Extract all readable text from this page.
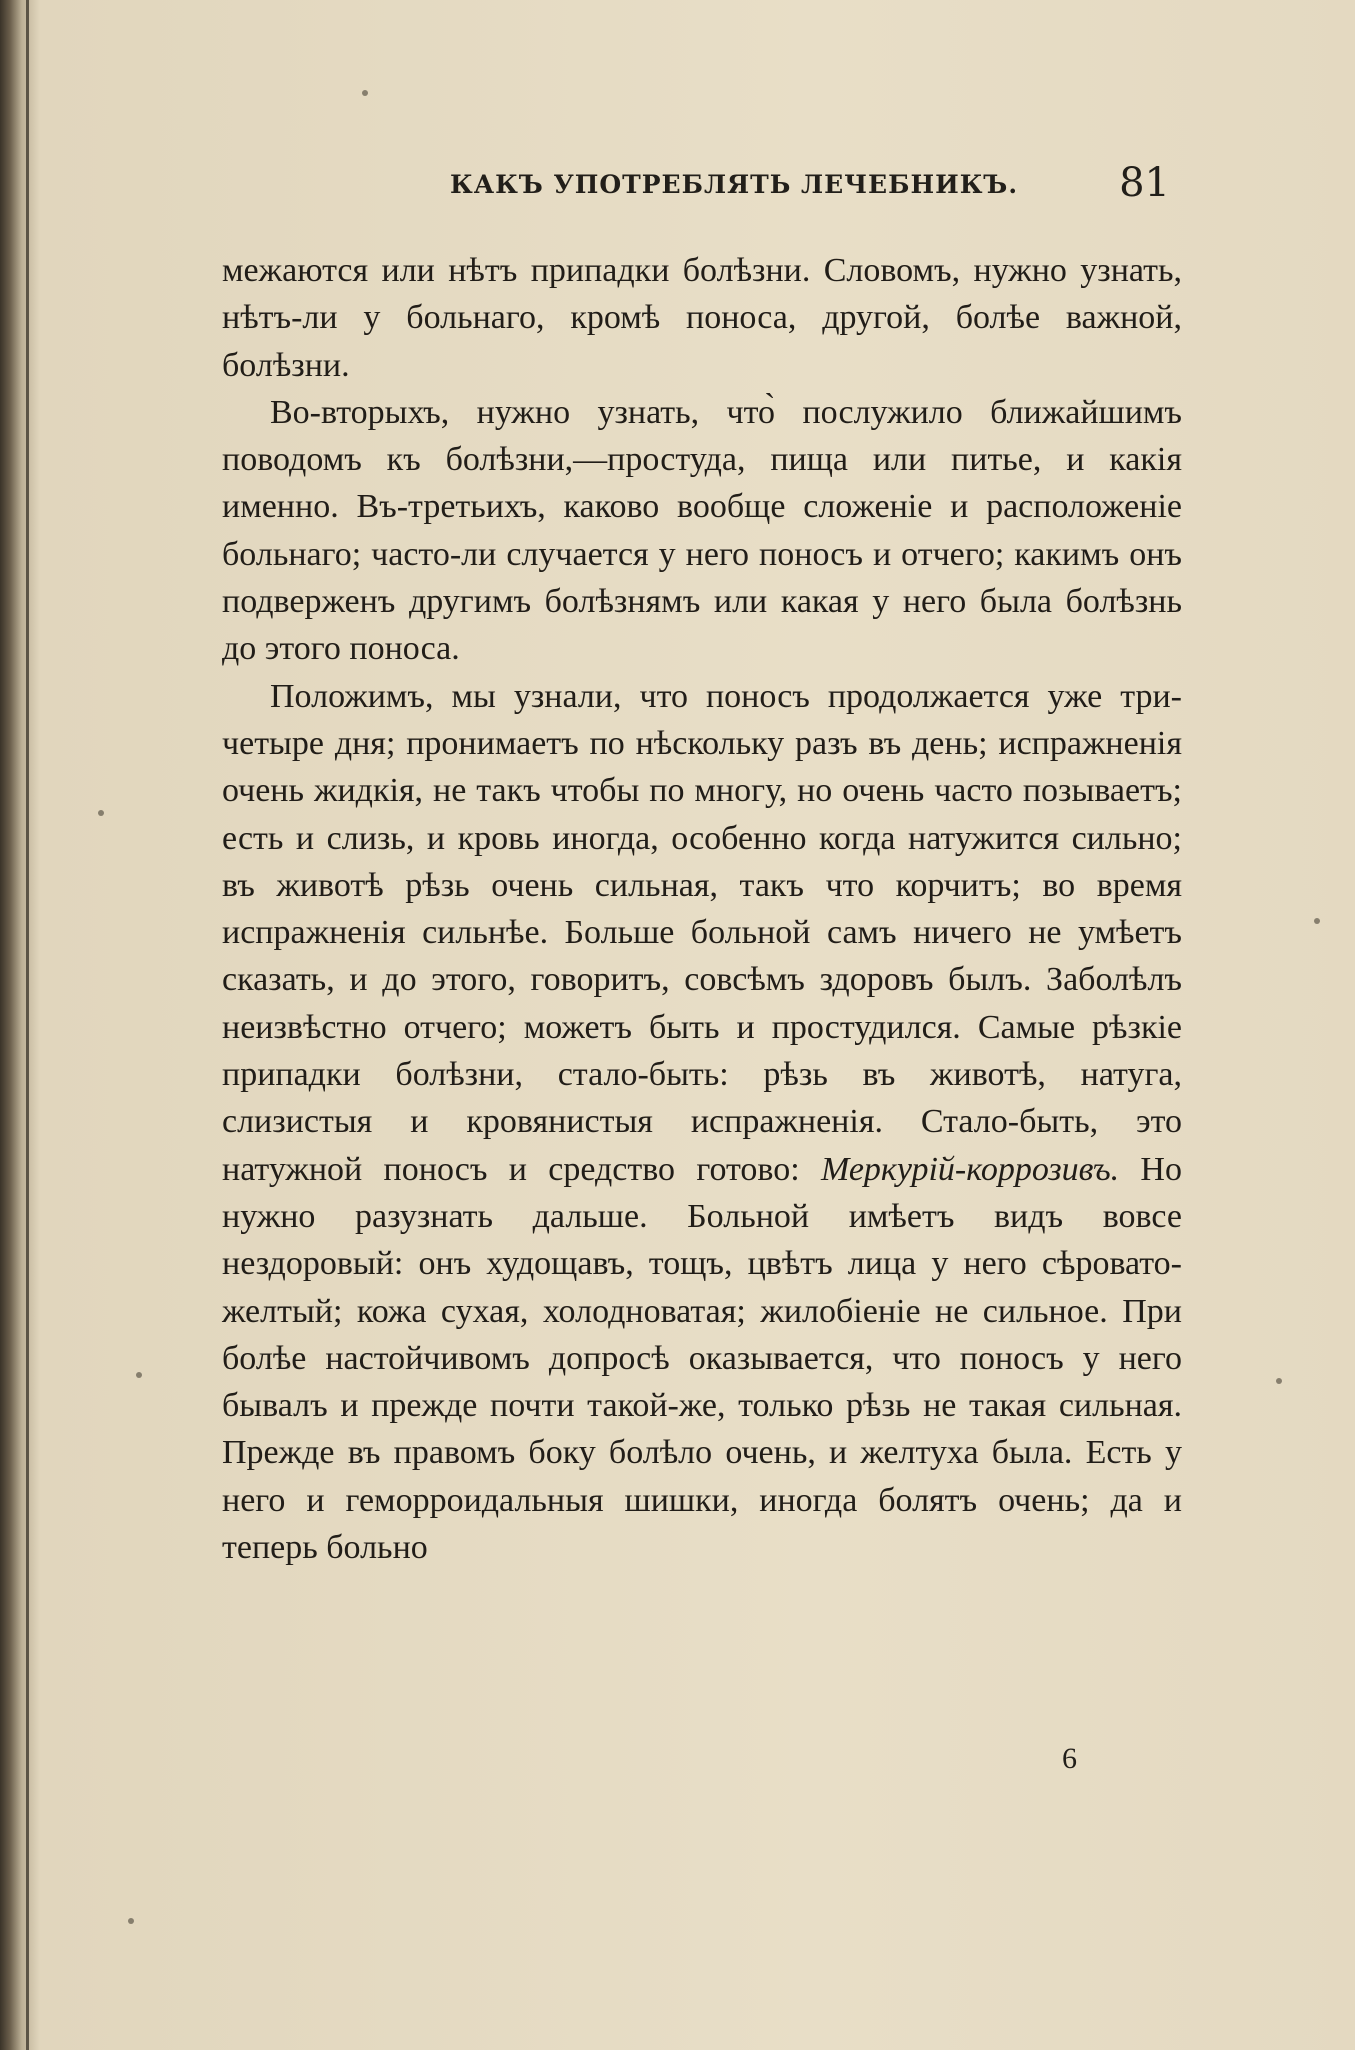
КАКЪ УПОТРЕБЛЯТЬ ЛЕЧЕБНИКЪ.	81

межаются или нѣтъ припадки болѣзни. Словомъ, нужно узнать, нѣтъ-ли у больнаго, кромѣ поноса, другой, болѣе важной, болѣзни.

Во-вторыхъ, нужно узнать, что̀ послужило ближайшимъ поводомъ къ болѣзни,—простуда, пища или питье, и какія именно. Въ-третьихъ, каково вообще сложеніе и расположеніе больнаго; часто-ли случается у него поносъ и отчего; какимъ онъ подверженъ другимъ болѣзнямъ или какая у него была болѣзнь до этого поноса.

Положимъ, мы узнали, что поносъ продолжается уже три-четыре дня; пронимаетъ по нѣскольку разъ въ день; испражненія очень жидкія, не такъ чтобы по многу, но очень часто позываетъ; есть и слизь, и кровь иногда, особенно когда натужится сильно; въ животѣ рѣзь очень сильная, такъ что корчитъ; во время испражненія сильнѣе. Больше больной самъ ничего не умѣетъ сказать, и до этого, говоритъ, совсѣмъ здоровъ былъ. Заболѣлъ неизвѣстно отчего; можетъ быть и простудился. Самые рѣзкіе припадки болѣзни, стало-быть: рѣзь въ животѣ, натуга, слизистыя и кровянистыя испражненія. Стало-быть, это натужной поносъ и средство готово: Меркурій-коррозивъ. Но нужно разузнать дальше. Больной имѣетъ видъ вовсе нездоровый: онъ худощавъ, тощъ, цвѣтъ лица у него сѣровато-желтый; кожа сухая, холодноватая; жилобіеніе не сильное. При болѣе настойчивомъ допросѣ оказывается, что поносъ у него бывалъ и прежде почти такой-же, только рѣзь не такая сильная. Прежде въ правомъ боку болѣло очень, и желтуха была. Есть у него и геморроидальныя шишки, иногда болятъ очень; да и теперь больно

6
